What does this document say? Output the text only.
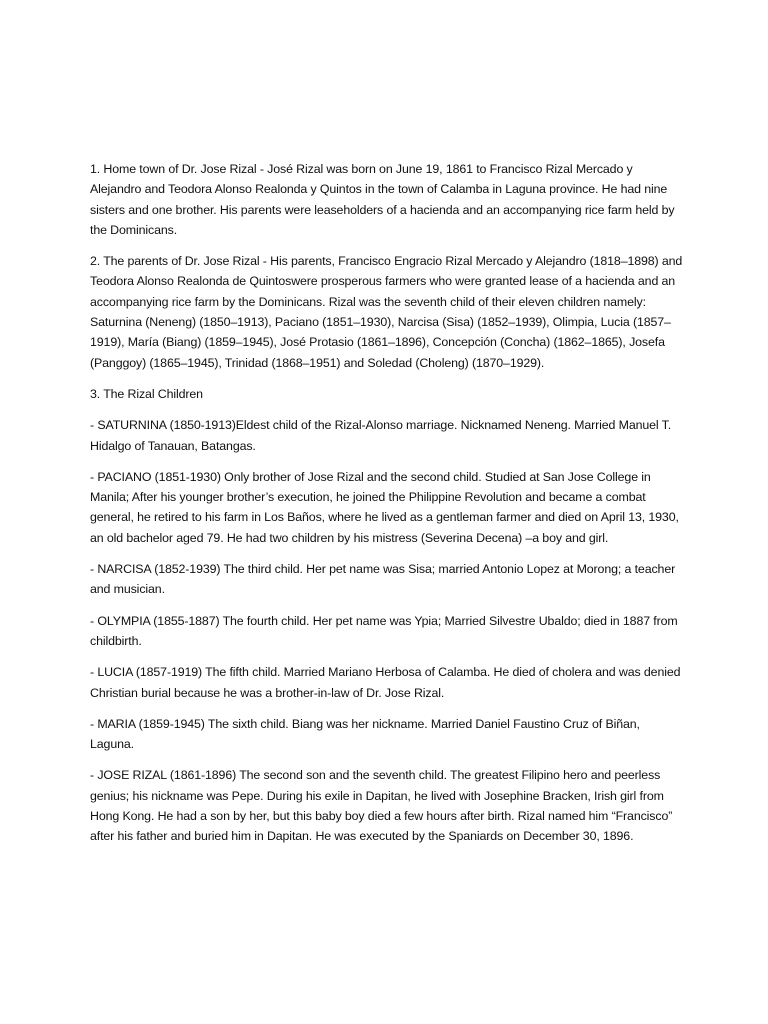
1. Home town of Dr. Jose Rizal - José Rizal was born on June 19, 1861 to Francisco Rizal Mercado y Alejandro and Teodora Alonso Realonda y Quintos in the town of Calamba in Laguna province. He had nine sisters and one brother. His parents were leaseholders of a hacienda and an accompanying rice farm held by the Dominicans.

2. The parents of Dr. Jose Rizal - His parents, Francisco Engracio Rizal Mercado y Alejandro (1818–1898) and Teodora Alonso Realonda de Quintoswere prosperous farmers who were granted lease of a hacienda and an accompanying rice farm by the Dominicans. Rizal was the seventh child of their eleven children namely: Saturnina (Neneng) (1850–1913), Paciano (1851–1930), Narcisa (Sisa) (1852–1939), Olimpia, Lucia (1857–1919), María (Biang) (1859–1945), José Protasio (1861–1896), Concepción (Concha) (1862–1865), Josefa (Panggoy) (1865–1945), Trinidad (1868–1951) and Soledad (Choleng) (1870–1929).

3. The Rizal Children

- SATURNINA (1850-1913)Eldest child of the Rizal-Alonso marriage. Nicknamed Neneng. Married Manuel T. Hidalgo of Tanauan, Batangas.

- PACIANO (1851-1930) Only brother of Jose Rizal and the second child. Studied at San Jose College in Manila; After his younger brother’s execution, he joined the Philippine Revolution and became a combat general, he retired to his farm in Los Baños, where he lived as a gentleman farmer and died on April 13, 1930, an old bachelor aged 79. He had two children by his mistress (Severina Decena) –a boy and girl.

- NARCISA (1852-1939) The third child. Her pet name was Sisa; married Antonio Lopez at Morong; a teacher and musician.

- OLYMPIA (1855-1887) The fourth child. Her pet name was Ypia; Married Silvestre Ubaldo; died in 1887 from childbirth.

- LUCIA (1857-1919) The fifth child. Married Mariano Herbosa of Calamba. He died of cholera and was denied Christian burial because he was a brother-in-law of Dr. Jose Rizal.

- MARIA (1859-1945) The sixth child. Biang was her nickname. Married Daniel Faustino Cruz of Biñan, Laguna.

- JOSE RIZAL (1861-1896) The second son and the seventh child. The greatest Filipino hero and peerless genius; his nickname was Pepe. During his exile in Dapitan, he lived with Josephine Bracken, Irish girl from Hong Kong. He had a son by her, but this baby boy died a few hours after birth. Rizal named him “Francisco” after his father and buried him in Dapitan. He was executed by the Spaniards on December 30, 1896.
